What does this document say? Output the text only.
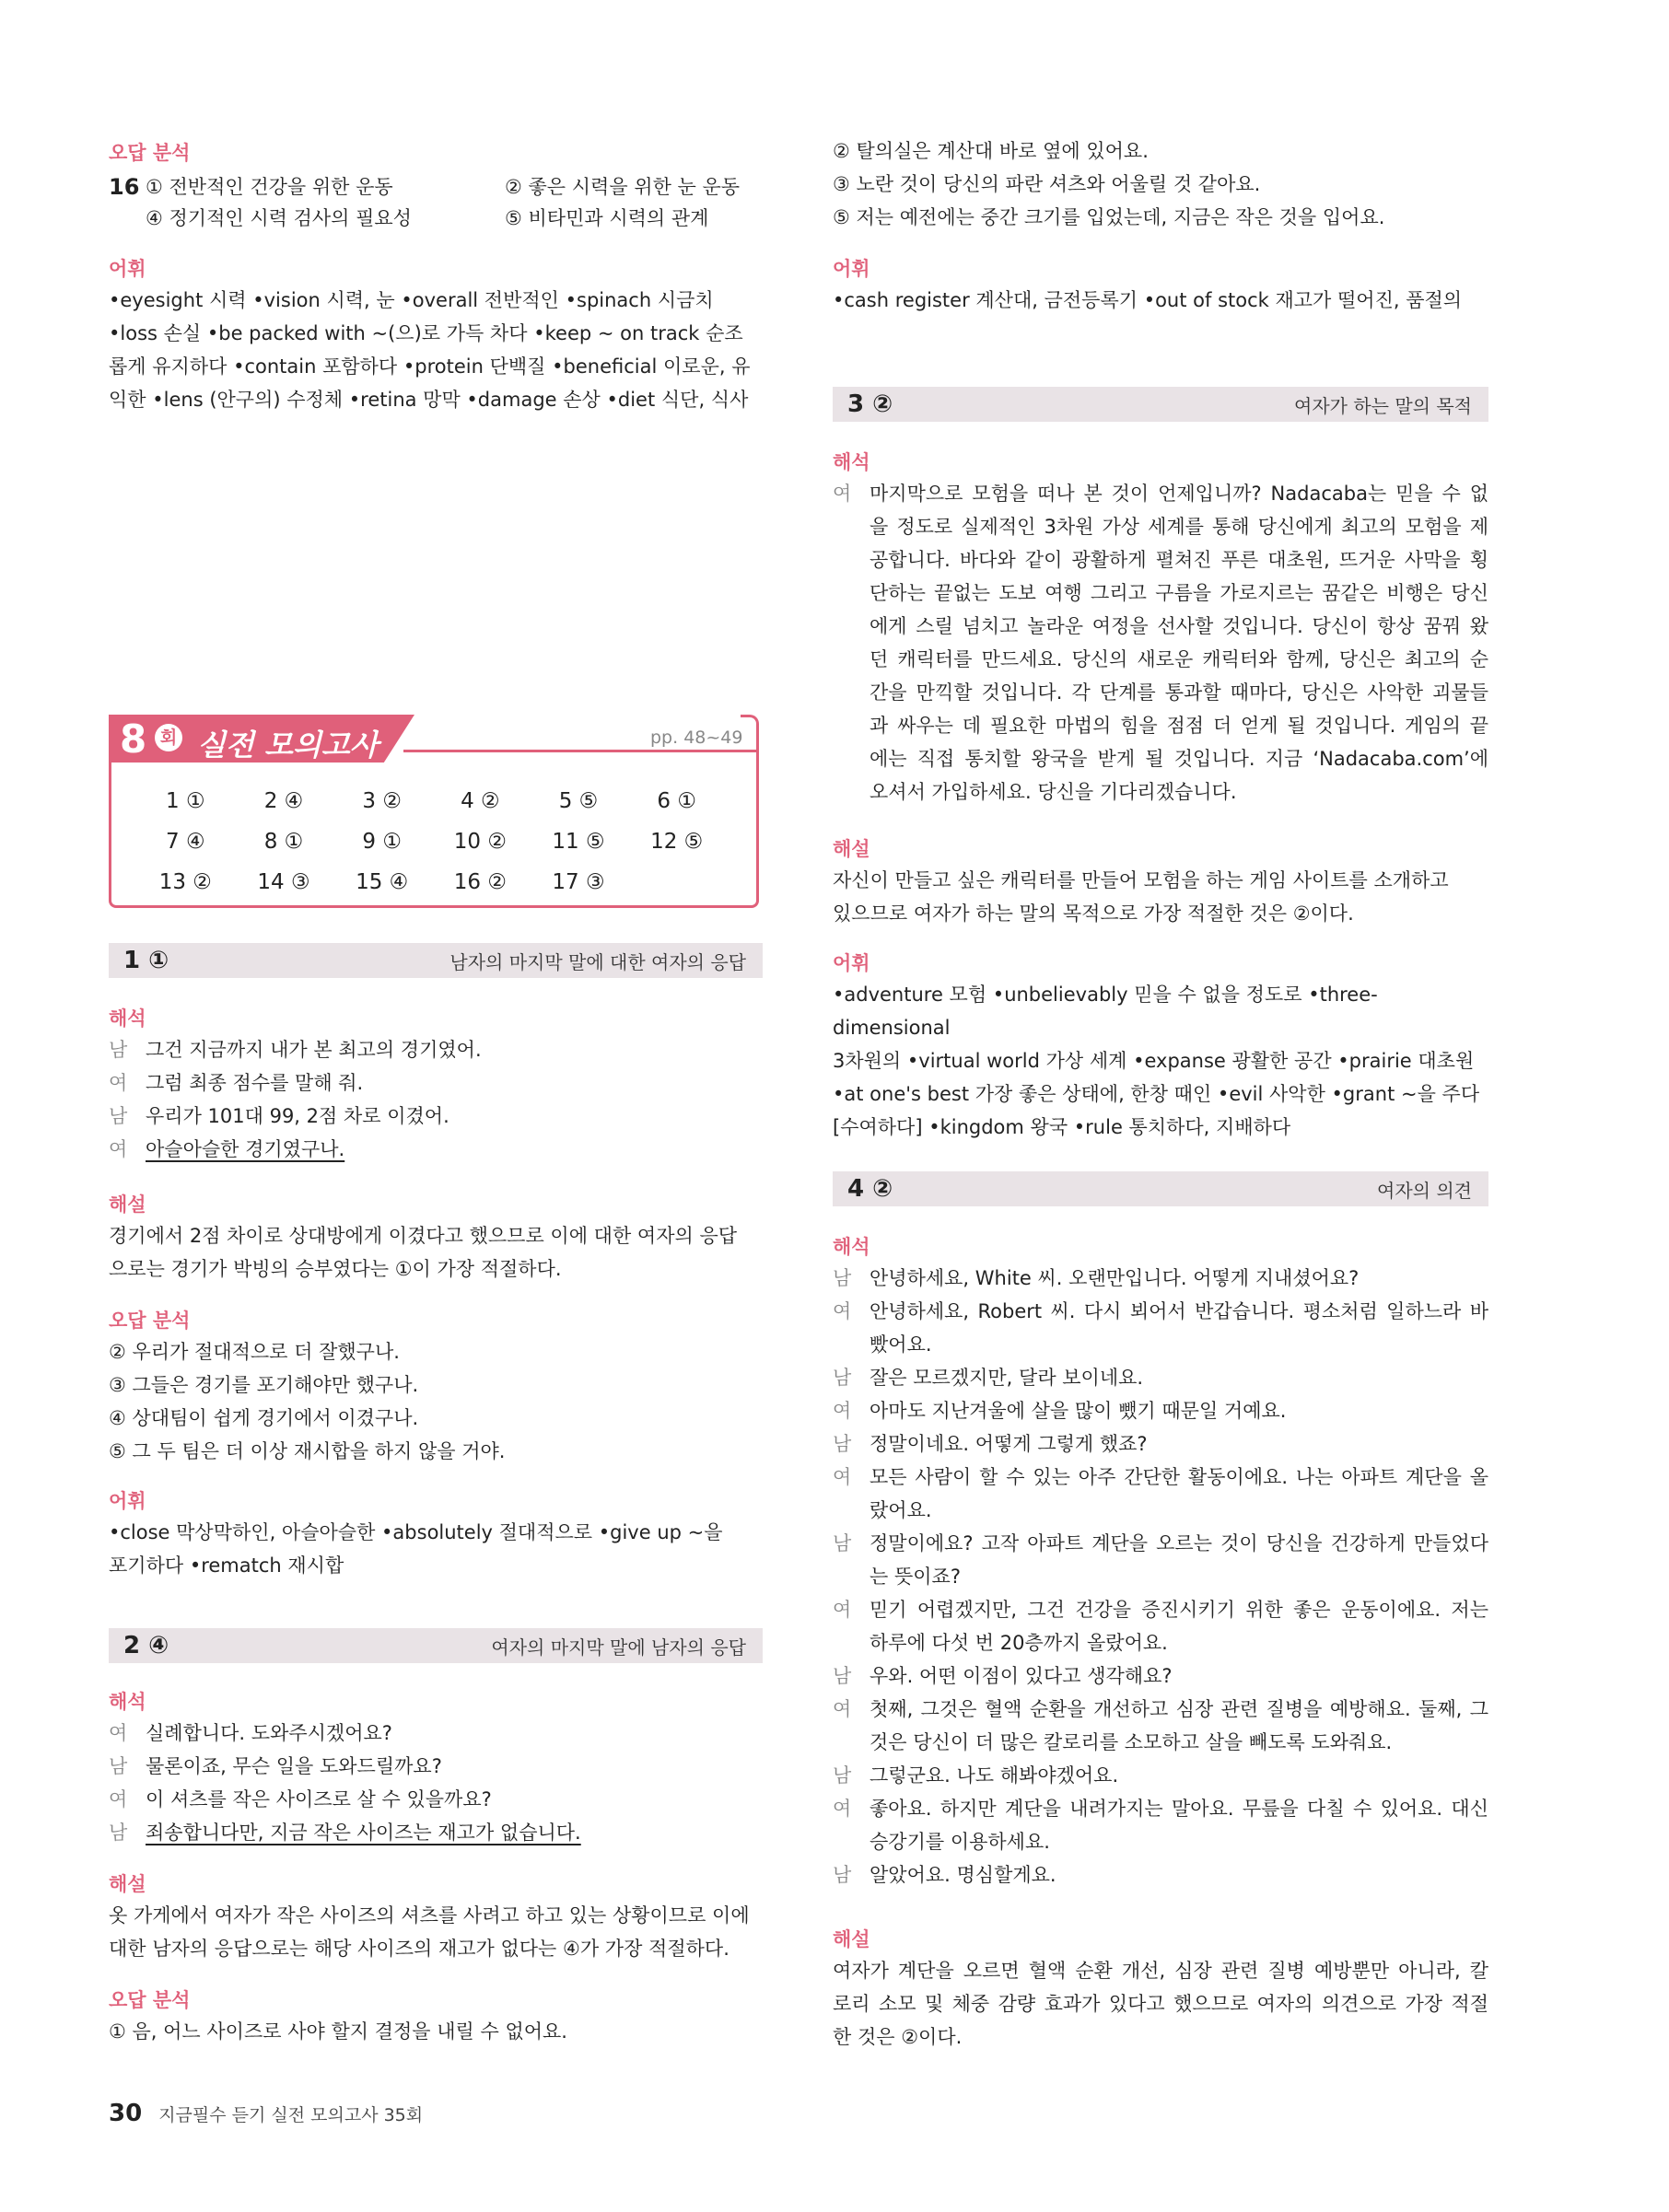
오답 분석
16 ① 전반적인 건강을 위한 운동	② 좋은 시력을 위한 눈 운동
④ 정기적인 시력 검사의 필요성	⑤ 비타민과 시력의 관계
어휘
•eyesight 시력 •vision 시력, 눈 •overall 전반적인 •spinach 시금치
•loss 손실 •be packed with ~(으)로 가득 차다 •keep ~ on track 순조
롭게 유지하다 •contain 포함하다 •protein 단백질 •beneficial 이로운, 유
익한 •lens (안구의) 수정체 •retina 망막 •damage 손상 •diet 식단, 식사
8 회 실전 모의고사	pp. 48~49
1 ①	2 ④	3 ②	4 ②	5 ⑤	6 ①
7 ④	8 ①	9 ①	10 ②	11 ⑤	12 ⑤
13 ②	14 ③	15 ④	16 ②	17 ③
1 ①	남자의 마지막 말에 대한 여자의 응답
해석
남 그건 지금까지 내가 본 최고의 경기였어.
여 그럼 최종 점수를 말해 줘.
남 우리가 101대 99, 2점 차로 이겼어.
여 아슬아슬한 경기였구나.
해설
경기에서 2점 차이로 상대방에게 이겼다고 했으므로 이에 대한 여자의 응답
으로는 경기가 박빙의 승부였다는 ①이 가장 적절하다.
오답 분석
② 우리가 절대적으로 더 잘했구나.
③ 그들은 경기를 포기해야만 했구나.
④ 상대팀이 쉽게 경기에서 이겼구나.
⑤ 그 두 팀은 더 이상 재시합을 하지 않을 거야.
어휘
•close 막상막하인, 아슬아슬한 •absolutely 절대적으로 •give up ~을
포기하다 •rematch 재시합
2 ④	여자의 마지막 말에 남자의 응답
해석
여 실례합니다. 도와주시겠어요?
남 물론이죠, 무슨 일을 도와드릴까요?
여 이 셔츠를 작은 사이즈로 살 수 있을까요?
남 죄송합니다만, 지금 작은 사이즈는 재고가 없습니다.
해설
옷 가게에서 여자가 작은 사이즈의 셔츠를 사려고 하고 있는 상황이므로 이에
대한 남자의 응답으로는 해당 사이즈의 재고가 없다는 ④가 가장 적절하다.
오답 분석
① 음, 어느 사이즈로 사야 할지 결정을 내릴 수 없어요.
② 탈의실은 계산대 바로 옆에 있어요.
③ 노란 것이 당신의 파란 셔츠와 어울릴 것 같아요.
⑤ 저는 예전에는 중간 크기를 입었는데, 지금은 작은 것을 입어요.
어휘
•cash register 계산대, 금전등록기 •out of stock 재고가 떨어진, 품절의
3 ②	여자가 하는 말의 목적
해석
여 마지막으로 모험을 떠나 본 것이 언제입니까? Nadacaba는 믿을 수 없
을 정도로 실제적인 3차원 가상 세계를 통해 당신에게 최고의 모험을 제
공합니다. 바다와 같이 광활하게 펼쳐진 푸른 대초원, 뜨거운 사막을 횡
단하는 끝없는 도보 여행 그리고 구름을 가로지르는 꿈같은 비행은 당신
에게 스릴 넘치고 놀라운 여정을 선사할 것입니다. 당신이 항상 꿈꿔 왔
던 캐릭터를 만드세요. 당신의 새로운 캐릭터와 함께, 당신은 최고의 순
간을 만끽할 것입니다. 각 단계를 통과할 때마다, 당신은 사악한 괴물들
과 싸우는 데 필요한 마법의 힘을 점점 더 얻게 될 것입니다. 게임의 끝
에는 직접 통치할 왕국을 받게 될 것입니다. 지금 ‘Nadacaba.com’에
오셔서 가입하세요. 당신을 기다리겠습니다.
해설
자신이 만들고 싶은 캐릭터를 만들어 모험을 하는 게임 사이트를 소개하고
있으므로 여자가 하는 말의 목적으로 가장 적절한 것은 ②이다.
어휘
•adventure 모험 •unbelievably 믿을 수 없을 정도로 •three-dimensional
3차원의 •virtual world 가상 세계 •expanse 광활한 공간 •prairie 대초원
•at one's best 가장 좋은 상태에, 한창 때인 •evil 사악한 •grant ~을 주다
[수여하다] •kingdom 왕국 •rule 통치하다, 지배하다
4 ②	여자의 의견
해석
남 안녕하세요, White 씨. 오랜만입니다. 어떻게 지내셨어요?
여 안녕하세요, Robert 씨. 다시 뵈어서 반갑습니다. 평소처럼 일하느라 바
빴어요.
남 잘은 모르겠지만, 달라 보이네요.
여 아마도 지난겨울에 살을 많이 뺐기 때문일 거예요.
남 정말이네요. 어떻게 그렇게 했죠?
여 모든 사람이 할 수 있는 아주 간단한 활동이에요. 나는 아파트 계단을 올
랐어요.
남 정말이에요? 고작 아파트 계단을 오르는 것이 당신을 건강하게 만들었다
는 뜻이죠?
여 믿기 어렵겠지만, 그건 건강을 증진시키기 위한 좋은 운동이에요. 저는
하루에 다섯 번 20층까지 올랐어요.
남 우와. 어떤 이점이 있다고 생각해요?
여 첫째, 그것은 혈액 순환을 개선하고 심장 관련 질병을 예방해요. 둘째, 그
것은 당신이 더 많은 칼로리를 소모하고 살을 빼도록 도와줘요.
남 그렇군요. 나도 해봐야겠어요.
여 좋아요. 하지만 계단을 내려가지는 말아요. 무릎을 다칠 수 있어요. 대신
승강기를 이용하세요.
남 알았어요. 명심할게요.
해설
여자가 계단을 오르면 혈액 순환 개선, 심장 관련 질병 예방뿐만 아니라, 칼
로리 소모 및 체중 감량 효과가 있다고 했으므로 여자의 의견으로 가장 적절
한 것은 ②이다.
30 지금필수 듣기 실전 모의고사 35회
